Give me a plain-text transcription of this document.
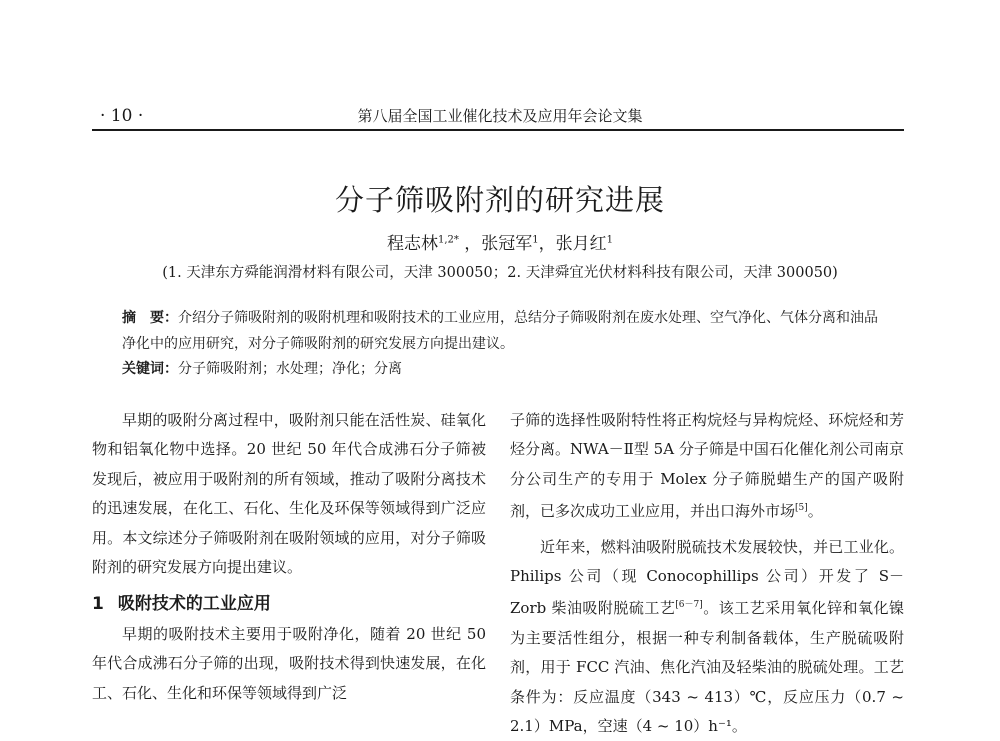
· 10 ·	第八届全国工业催化技术及应用年会论文集
分子筛吸附剂的研究进展
程志林$^{1,2*}$ ，张冠军$^1$，张月红$^1$
(1. 天津东方舜能润滑材料有限公司，天津 300050；2. 天津舜宜光伏材料科技有限公司，天津 300050)
摘　要：介绍分子筛吸附剂的吸附机理和吸附技术的工业应用，总结分子筛吸附剂在废水处理、空气净化、气体分离和油品净化中的应用研究，对分子筛吸附剂的研究发展方向提出建议。
关键词：分子筛吸附剂；水处理；净化；分离

早期的吸附分离过程中，吸附剂只能在活性炭、硅氧化物和铝氧化物中选择。20 世纪 50 年代合成沸石分子筛被发现后，被应用于吸附剂的所有领域，推动了吸附分离技术的迅速发展，在化工、石化、生化及环保等领域得到广泛应用。本文综述分子筛吸附剂在吸附领域的应用，对分子筛吸附剂的研究发展方向提出建议。

1 吸附技术的工业应用

早期的吸附技术主要用于吸附净化，随着 20 世纪 50 年代合成沸石分子筛的出现，吸附技术得到快速发展，在化工、石化、生化和环保等领域得到广泛

子筛的选择性吸附特性将正构烷烃与异构烷烃、环烷烃和芳烃分离。NWA－Ⅱ型 5A 分子筛是中国石化催化剂公司南京分公司生产的专用于 Molex 分子筛脱蜡生产的国产吸附剂，已多次成功工业应用，并出口海外市场[5]。

近年来，燃料油吸附脱硫技术发展较快，并已工业化。Philips 公司（现 Conocophillips 公司）开发了 S－Zorb 柴油吸附脱硫工艺[6－7]。该工艺采用氧化锌和氧化镍为主要活性组分，根据一种专利制备载体，生产脱硫吸附剂，用于 FCC 汽油、焦化汽油及轻柴油的脱硫处理。工艺条件为：反应温度（343 ~ 413）℃，反应压力（0.7 ~ 2.1）MPa，空速（4 ~ 10）h⁻¹。
